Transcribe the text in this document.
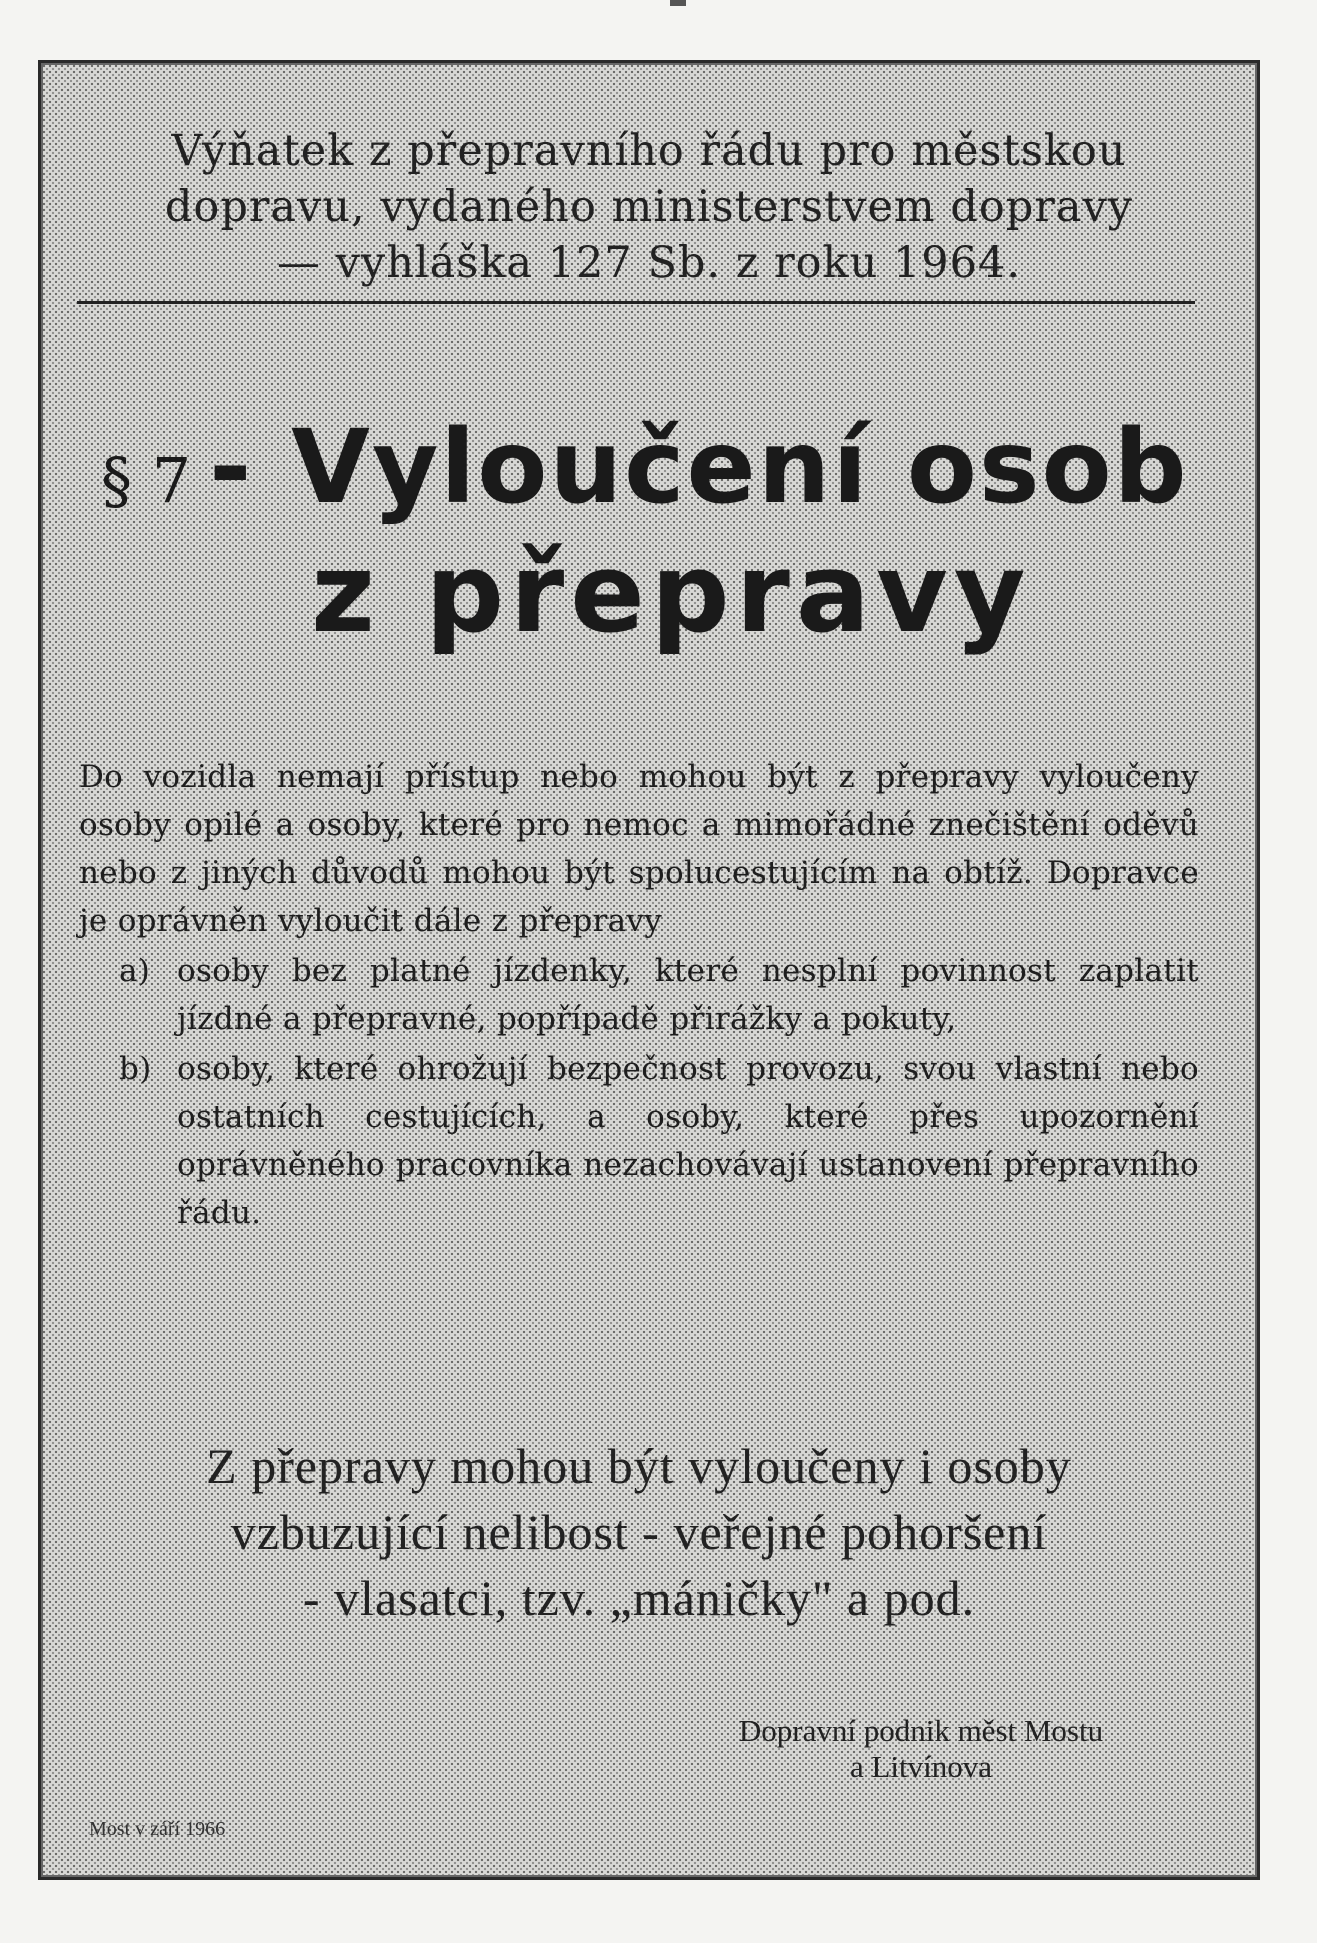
Výňatek z přepravního řádu pro městskou
dopravu, vydaného ministerstvem dopravy
— vyhláška 127 Sb. z roku 1964.
§ 7 - Vyloučení osob
z přepravy

Do vozidla nemají přístup nebo mohou být z přepravy vyloučeny osoby opilé a osoby, které pro nemoc a mimořádné znečištění oděvů nebo z jiných důvodů mohou být spolucestujícím na obtíž. Dopravce je oprávněn vyloučit dále z přepravy

a) osoby bez platné jízdenky, které nesplní povinnost zaplatit jízdné a přepravné, popřípadě přirážky a pokuty,
b) osoby, které ohrožují bezpečnost provozu, svou vlastní nebo ostatních cestujících, a osoby, které přes upozornění oprávněného pracovníka nezachovávají ustanovení přepravního řádu.
Z přepravy mohou být vyloučeny i osoby
vzbuzující nelibost - veřejné pohoršení
- vlasatci, tzv. „máničky" a pod.
Dopravní podnik měst Mostu
a Litvínova
Most v září 1966
